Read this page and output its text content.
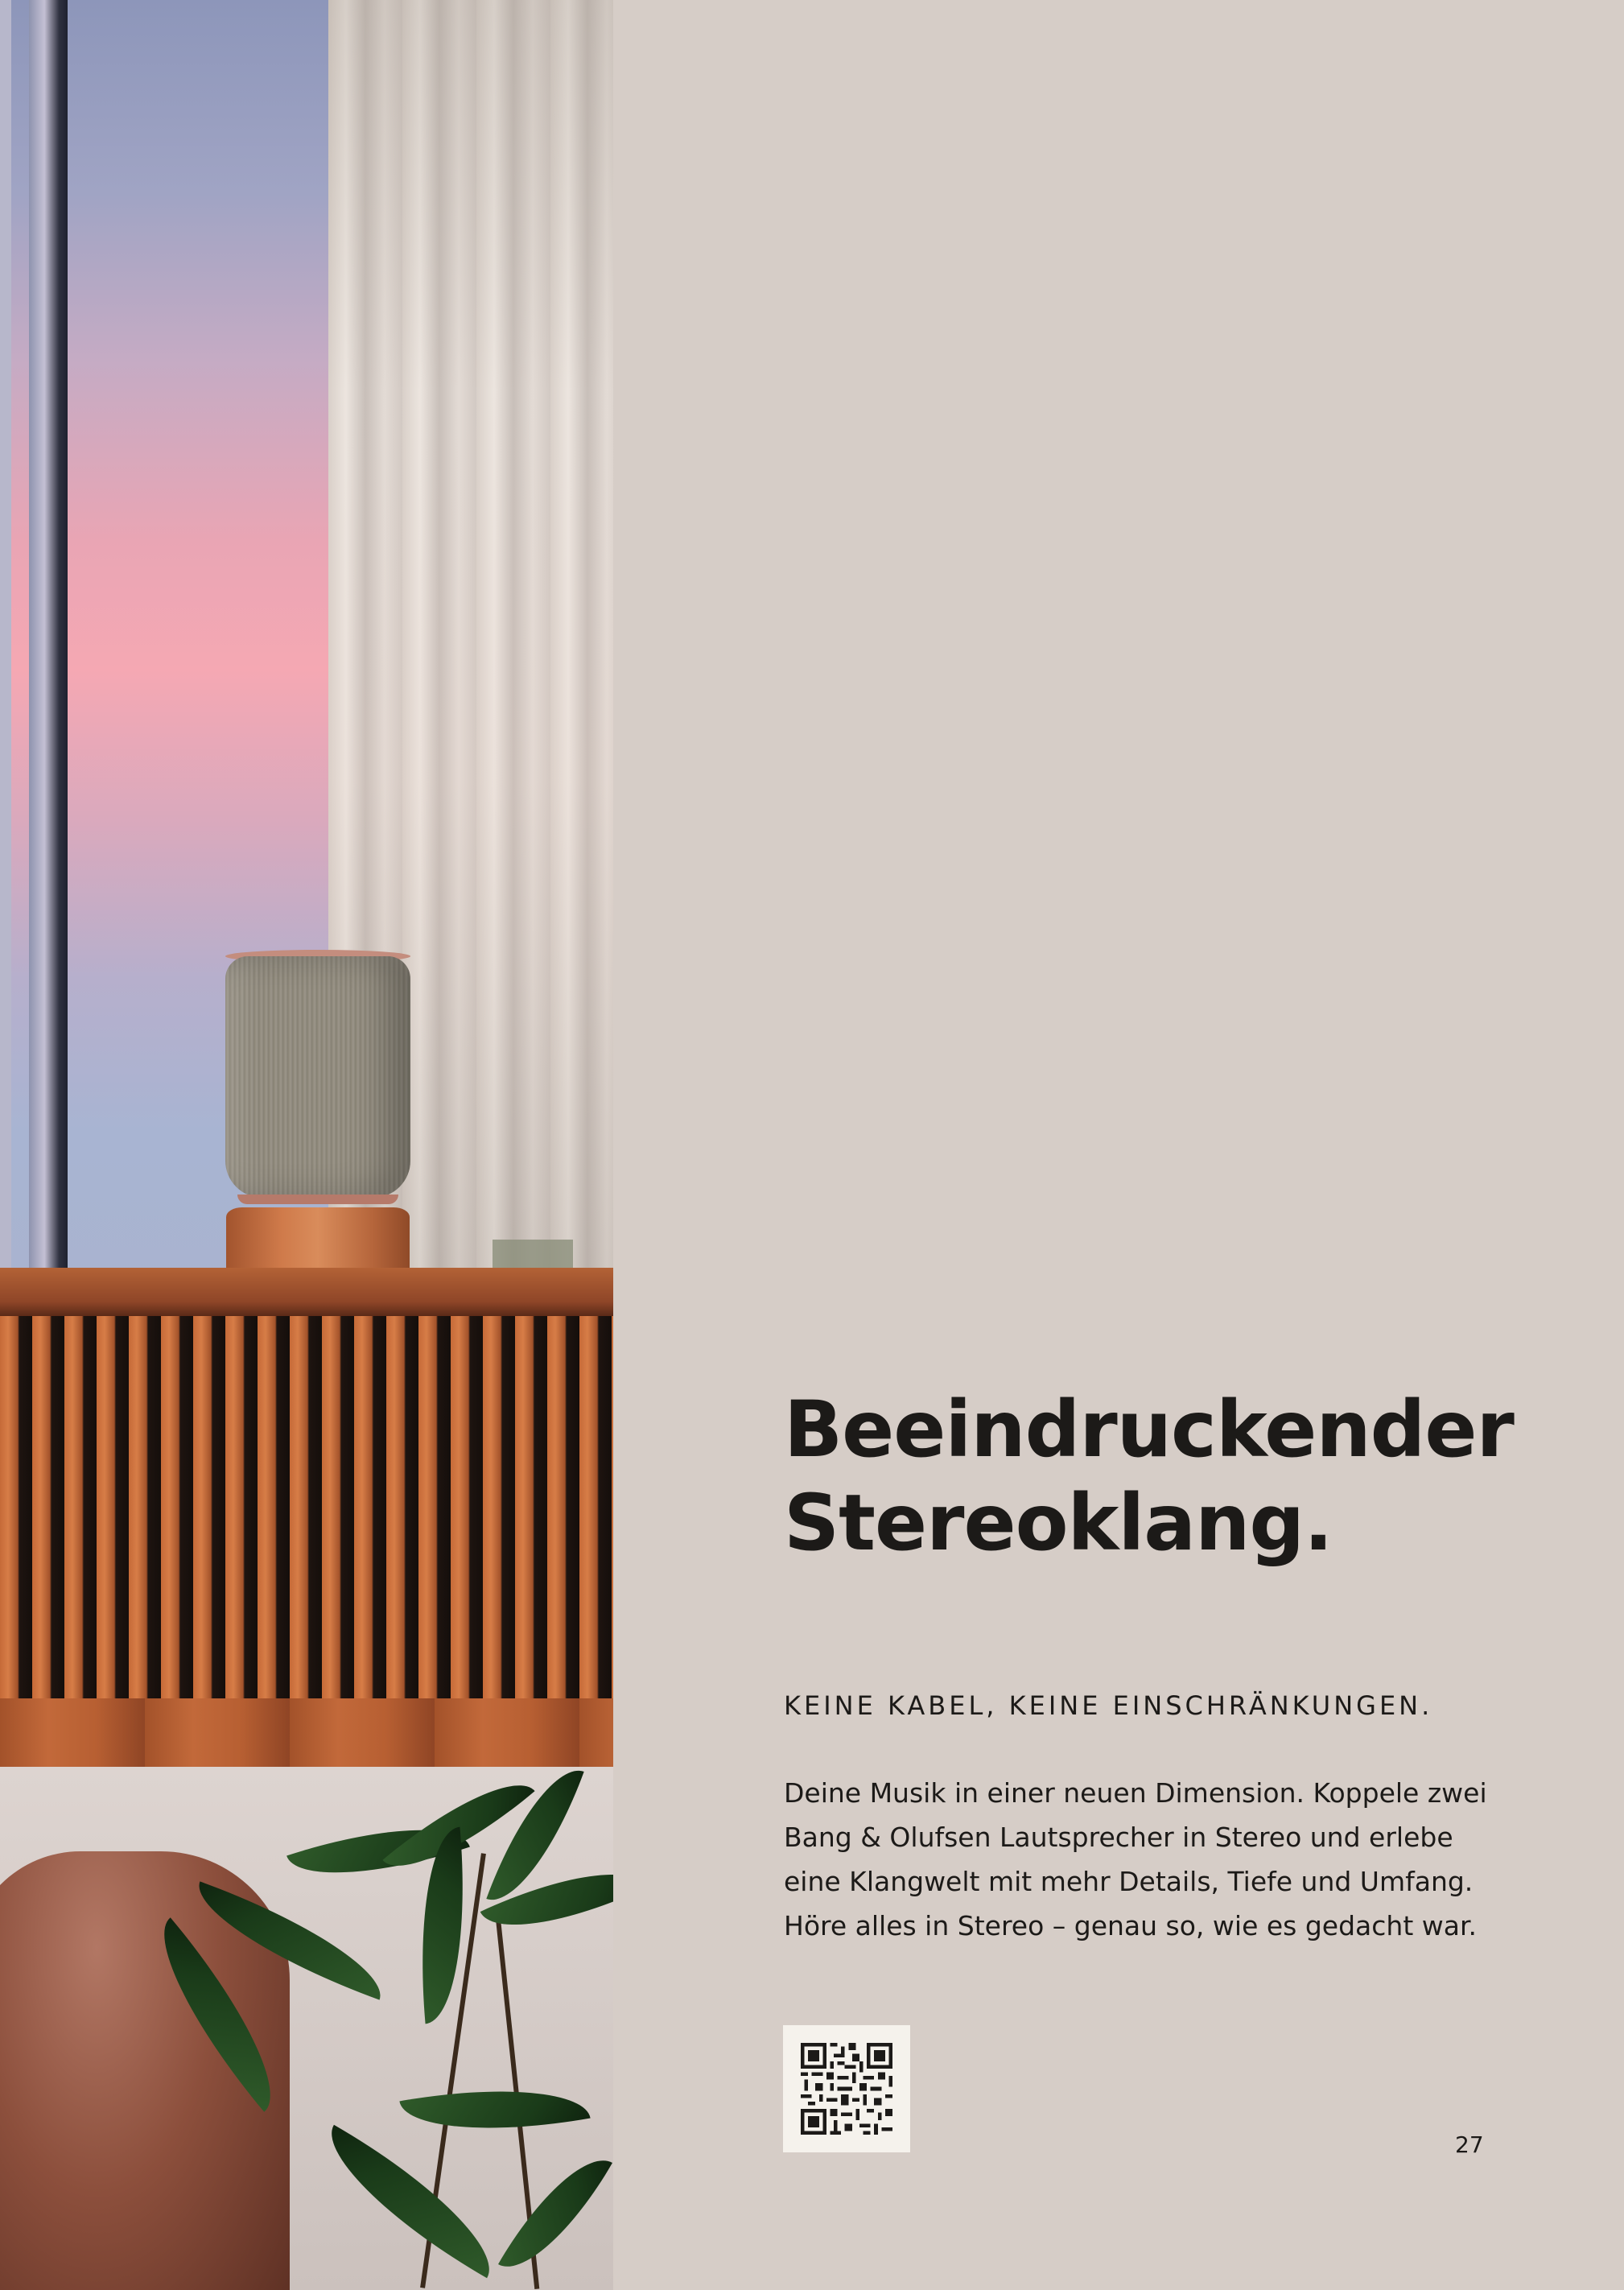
Beeindruckender
Stereoklang.
KEINE KABEL, KEINE EINSCHRÄNKUNGEN.

Deine Musik in einer neuen Dimension. Koppele zwei
Bang & Olufsen Lautsprecher in Stereo und erlebe
eine Klangwelt mit mehr Details, Tiefe und Umfang.
Höre alles in Stereo – genau so, wie es gedacht war.

27
